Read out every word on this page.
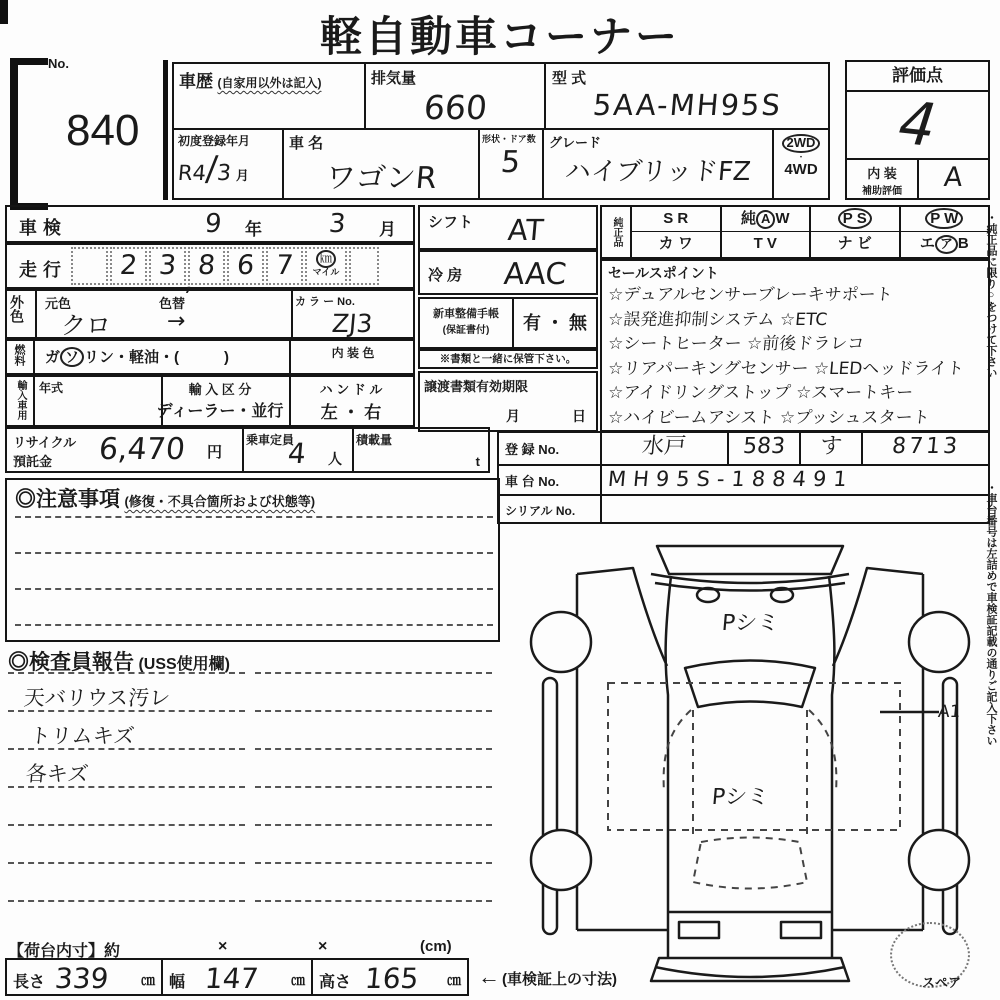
軽自動車コーナー
No.
840
車歴 (自家用以外は記入)	排気量
660
型 式
5AA-MH95S
初度登録年月
R4/3 月
車 名
ワゴンR
形状・ドア数
5
グレード
ハイブリッドFZ
2WD
・
4WD
評価点
4
内 装
補助評価	A
車検	9 年	3 月
走行	2 3 8 6 7 ㎞
マイル
,
外色 元色	色替
クロ →
カ ラ ー No.
ZJ3
燃料	ガ ソ リン・軽油・(　　　)	内 装 色
輸入車用	年式	輸 入 区 分
ディーラー・並行
ハ ン ド ル
左 ・ 右
リサイクル
預託金	6,470 円
乗車定員
4 人
積載量
t
シフト AT
冷 房 AAC
新車整備手帳
(保証書付)	有 ・ 無
※書類と一緒に保管下さい。
譲渡書類有効期限
月	日
純正品	S R	純 A W	P S	P W
カ ワ	T V	ナ ビ	エ ア B
セールスポイント
☆デュアルセンサーブレーキサポート ☆誤発進抑制システム ☆ETC ☆シートヒーター ☆前後ドラレコ ☆リアパーキングセンサー ☆LEDヘッドライト ☆アイドリングストップ ☆スマートキー ☆ハイビームアシスト ☆プッシュスタート
登 録 No.	水戸	583	す	8713
車 台 No.	MH95S-188491
シリアル No.
◎注意事項 (修復・不具合箇所および状態等)
◎検査員報告 (USS使用欄)
天バリウス汚レ
トリムキズ
各キズ
Pシミ
Pシミ
A1
スペア
【荷台内寸】約	×	×	(cm)
長さ 339 ㎝ 幅 147 ㎝ 高さ 165 ㎝ ← (車検証上の寸法)
・純正品に限り○をつけて下さい
・車台番号は左詰めで車検証記載の通りご記入下さい
